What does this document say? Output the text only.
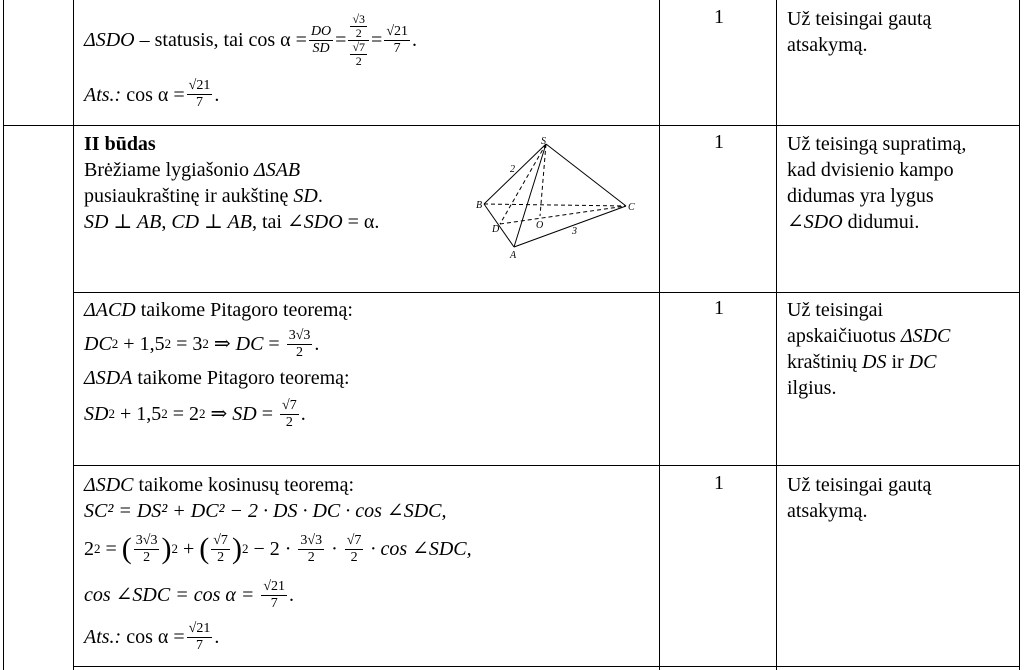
ΔSDO – statusis, tai $\cos \alpha = \frac{DO}{SD} = \frac{\frac{√3}{2}}{\frac{√7}{2}} = \frac{√21}{7}$ .
Ats.: $\cos \alpha = \frac{√21}{7}$ .
1	Už teisingai gautą atsakymą.
II būdas
Brėžiame lygiašonio ΔSAB
pusiaukraštinę ir aukštinę SD.
SD ⊥ AB, CD ⊥ AB, tai ∠SDO = α.
S
B	C
A
D	O
2
3
1	Už teisingą supratimą,
kad dvisienio kampo
didumas yra lygus
∠SDO didumui.
ΔACD taikome Pitagoro teoremą:
DC 2 + 1,5 2 = 3 2 ⇒ DC = $\frac{3√3}{2}$ .
ΔSDA taikome Pitagoro teoremą:
SD 2 + 1,5 2 = 2 2 ⇒ SD = $\frac{√7}{2}$ .
1	Už teisingai
apskaičiuotus ΔSDC
kraštinių DS ir DC
ilgius.
ΔSDC taikome kosinusų teoremą:
SC² = DS² + DC² − 2 · DS · DC · cos ∠SDC,
2 2 = ( $\frac{3√3}{2}$ ) 2 + ( $\frac{√7}{2}$ ) $2 - 2 \cdot \frac{3√3}{2} \cdot \frac{√7}{2} \cdot \cos$ ∠SDC,
cos ∠SDC = $\cos \alpha = \frac{√21}{7}$ .
Ats.: $\cos \alpha = \frac{√21}{7}$ .
1	Už teisingai gautą atsakymą.
